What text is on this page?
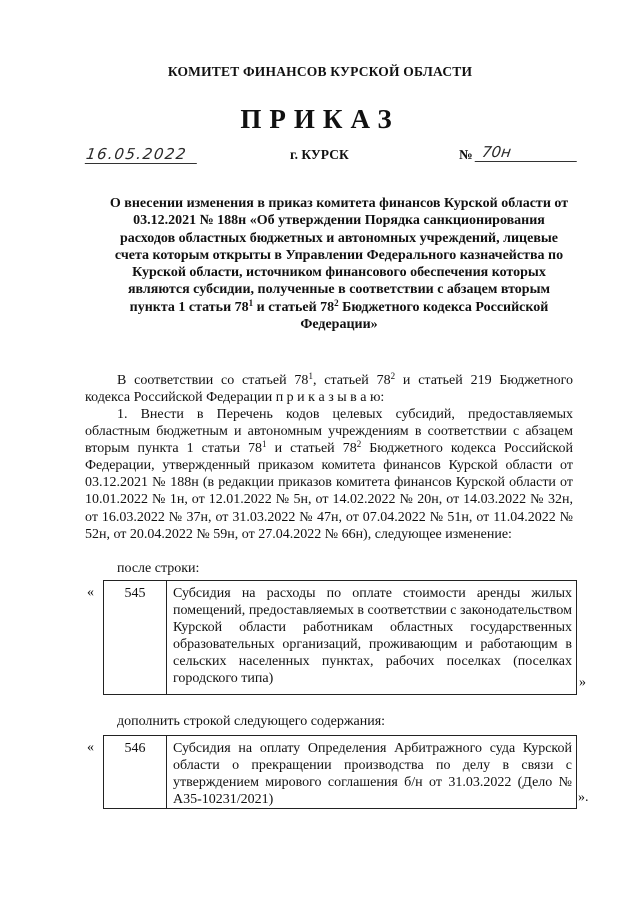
КОМИТЕТ ФИНАНСОВ КУРСКОЙ ОБЛАСТИ
ПРИКАЗ
16.05.2022	г. КУРСК	№ 70н
О внесении изменения в приказ комитета финансов Курской области от 03.12.2021 № 188н «Об утверждении Порядка санкционирования расходов областных бюджетных и автономных учреждений, лицевые счета которым открыты в Управлении Федерального казначейства по Курской области, источником финансового обеспечения которых являются субсидии, полученные в соответствии с абзацем вторым пункта 1 статьи $78^1$ и статьей $78^2$ Бюджетного кодекса Российской Федерации»
В соответствии со статьей $78^1$, статьей $78^2$ и статьей 219 Бюджетного кодекса Российской Федерации п р и к а з ы в а ю:
1. Внести в Перечень кодов целевых субсидий, предоставляемых областным бюджетным и автономным учреждениям в соответствии с абзацем вторым пункта 1 статьи $78^1$ и статьей $78^2$ Бюджетного кодекса Российской Федерации, утвержденный приказом комитета финансов Курской области от 03.12.2021 № 188н (в редакции приказов комитета финансов Курской области от 10.01.2022 № 1н, от 12.01.2022 № 5н, от 14.02.2022 № 20н, от 14.03.2022 № 32н, от 16.03.2022 № 37н, от 31.03.2022 № 47н, от 07.04.2022 № 51н, от 11.04.2022 № 52н, от 20.04.2022 № 59н, от 27.04.2022 № 66н), следующее изменение:
после строки:
«	545	Субсидия на расходы по оплате стоимости аренды жилых помещений, предоставляемых в соответствии с законодательством Курской области работникам областных государственных образовательных организаций, проживающим и работающим в сельских населенных пунктах, рабочих поселках (поселках городского типа)	»
дополнить строкой следующего содержания:
«	546	Субсидия на оплату Определения Арбитражного суда Курской области о прекращении производства по делу в связи с утверждением мирового соглашения б/н от 31.03.2022 (Дело № А35-10231/2021)	».
